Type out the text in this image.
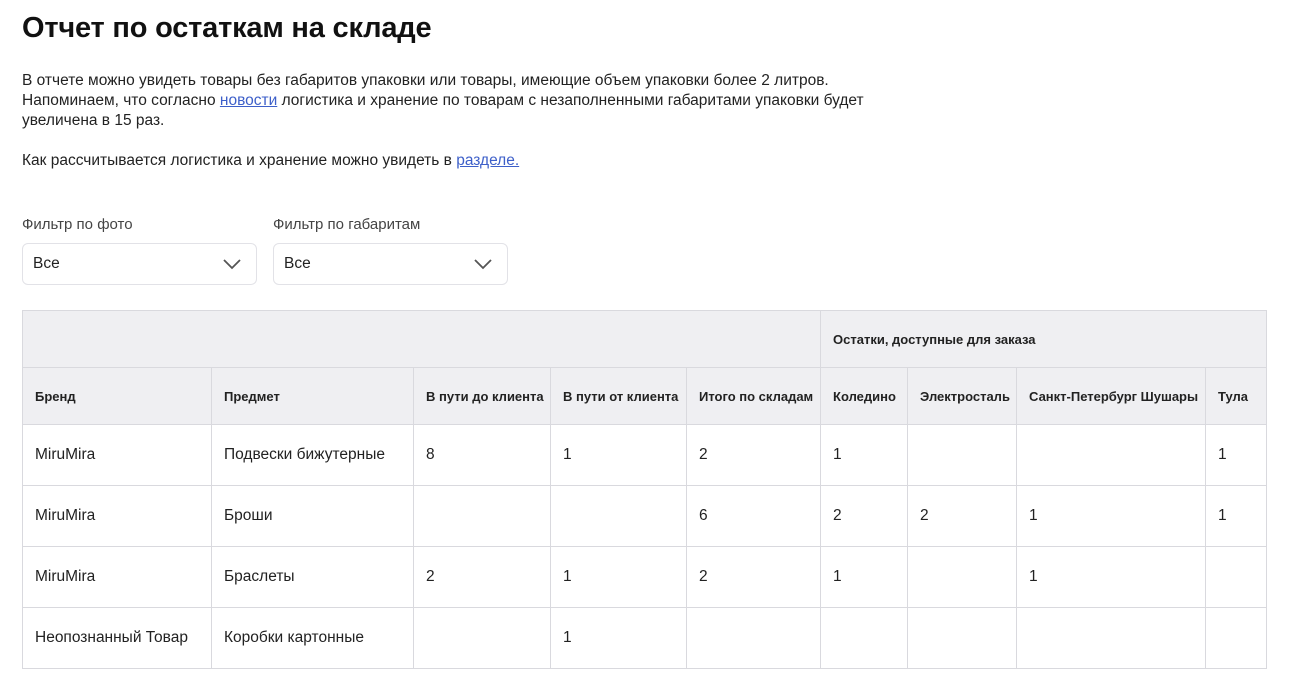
Отчет по остаткам на складе

В отчете можно увидеть товары без габаритов упаковки или товары, имеющие объем упаковки более 2 литров.
Напоминаем, что согласно новости логистика и хранение по товарам с незаполненными габаритами упаковки будет увеличена в 15 раз.

Как рассчитывается логистика и хранение можно увидеть в разделе.

Фильтр по фото
Все
Фильтр по габаритам
Все
					Остатки, доступные для заказа			
Бренд	Предмет	В пути до клиента	В пути от клиента	Итого по складам	Коледино	Электросталь	Санкт-Петербург Шушары	Тула
MiruMira	Подвески бижутерные	8	1	2	1			1
MiruMira	Броши			6	2	2	1	1
MiruMira	Браслеты	2	1	2	1		1	
Неопознанный Товар	Коробки картонные		1					
